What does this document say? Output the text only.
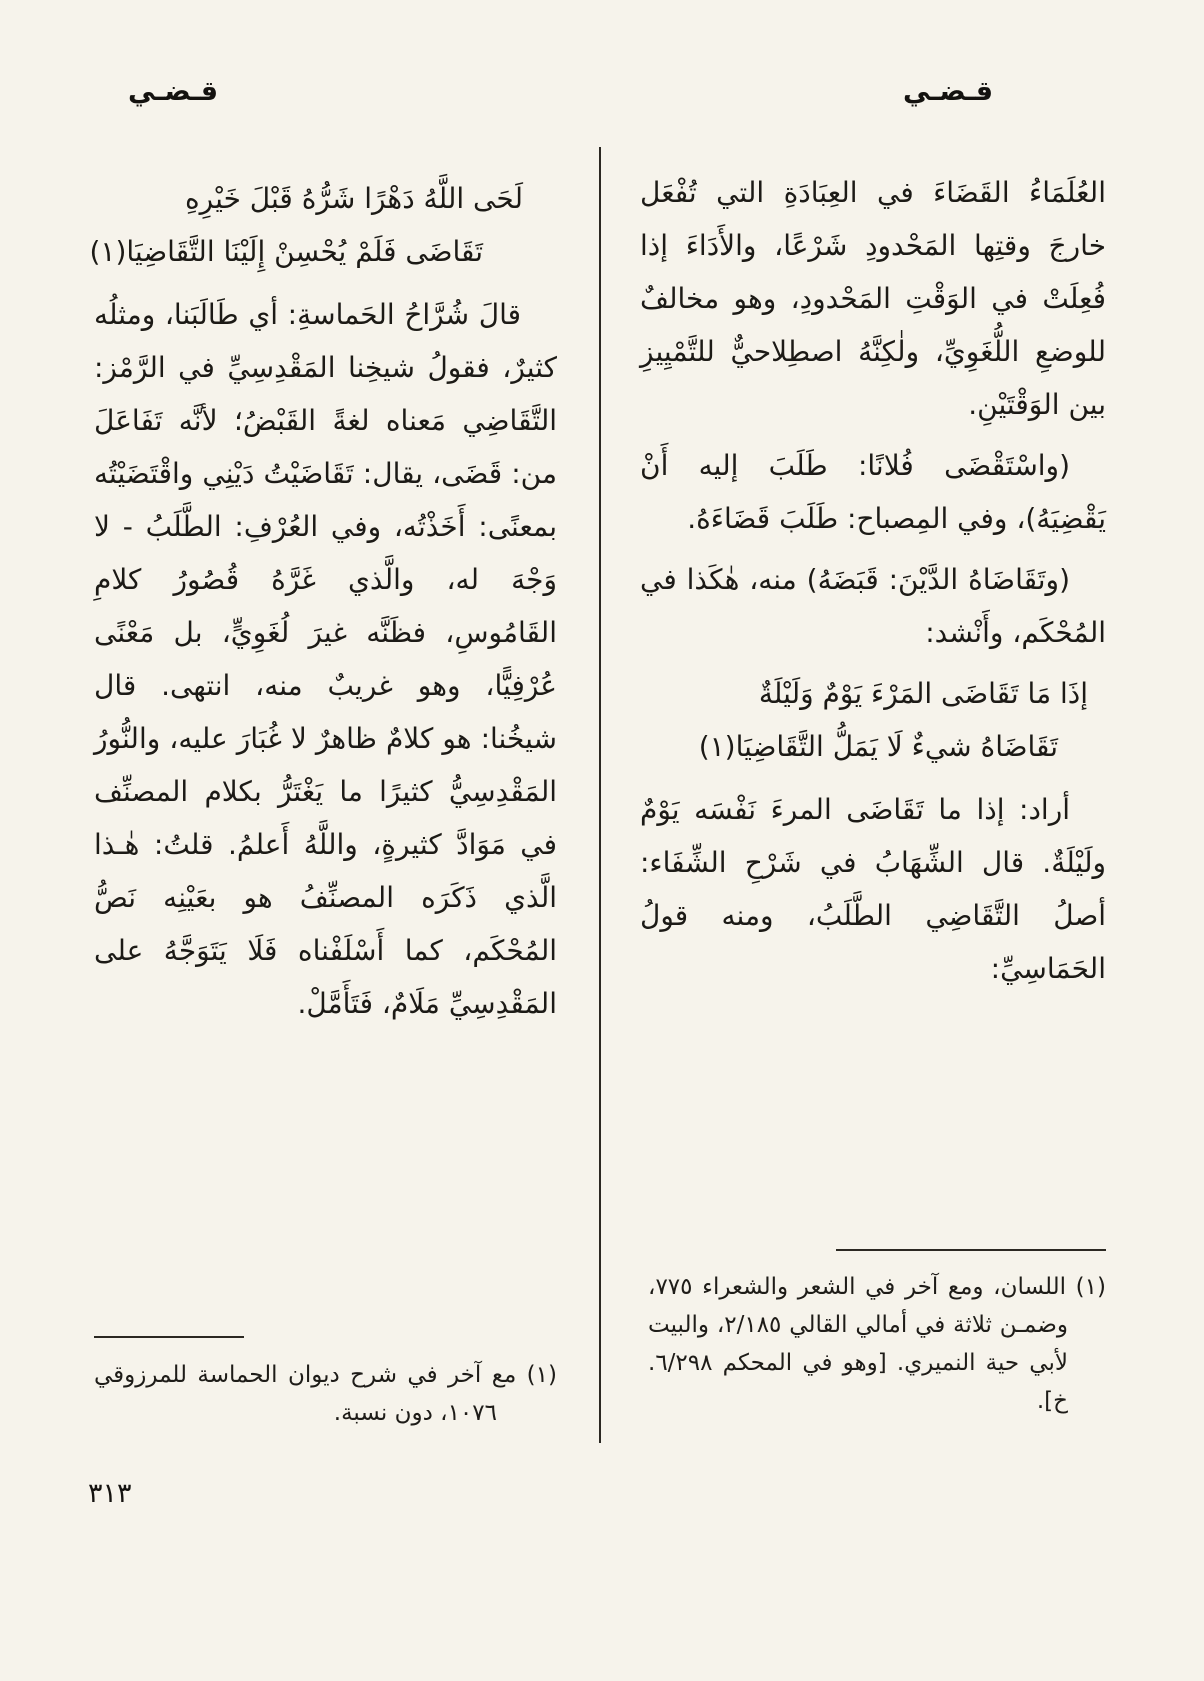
قـضـي	قـضـي

العُلَمَاءُ القَضَاءَ في العِبَادَةِ التي تُفْعَل خارجَ وقتِها المَحْدودِ شَرْعًا، والأَدَاءَ إذا فُعِلَتْ في الوَقْتِ المَحْدودِ، وهو مخالفٌ للوضعِ اللُّغَوِيِّ، ولٰكِنَّهُ اصطِلاحيٌّ للتَّمْيِيزِ بين الوَقْتَيْنِ.

(واسْتَقْضَى فُلانًا: طَلَبَ إليه أَنْ يَقْضِيَهُ)، وفي المِصباح: طَلَبَ قَضَاءَهُ.

(وتَقَاضَاهُ الدَّيْنَ: قَبَضَهُ) منه، هٰكَذا في المُحْكَم، وأَنْشد:

إذَا مَا تَقَاضَى المَرْءَ يَوْمٌ وَلَيْلَةٌ
تَقَاضَاهُ شيءٌ لَا يَمَلُّ التَّقَاضِيَا(١)

أراد: إذا ما تَقَاضَى المرءَ نَفْسَه يَوْمٌ ولَيْلَةٌ. قال الشِّهَابُ في شَرْحِ الشِّفَاء: أصلُ التَّقَاضِي الطَّلَبُ، ومنه قولُ الحَمَاسِيِّ:

لَحَى اللَّهُ دَهْرًا شَرُّهُ قَبْلَ خَيْرِهِ
تَقَاضَى فَلَمْ يُحْسِنْ إِلَيْنَا التَّقَاضِيَا(١)

قالَ شُرَّاحُ الحَماسةِ: أي طَالَبَنا، ومثلُه كثيرٌ، فقولُ شيخِنا المَقْدِسِيِّ في الرَّمْز: التَّقَاضِي مَعناه لغةً القَبْضُ؛ لأنَّه تَفَاعَلَ من: قَضَى، يقال: تَقَاضَيْتُ دَيْنِي واقْتَضَيْتُه بمعنًى: أَخَذْتُه، وفي العُرْفِ: الطَّلَبُ - لا وَجْهَ له، والَّذي غَرَّهُ قُصُورُ كلامِ القَامُوسِ، فظَنَّه غيرَ لُغَوِيٍّ، بل مَعْنًى عُرْفِيًّا، وهو غريبٌ منه، انتهى. قال شيخُنا: هو كلامٌ ظاهرٌ لا غُبَارَ عليه، والنُّورُ المَقْدِسِيُّ كثيرًا ما يَغْتَرُّ بكلام المصنِّف في مَوَادَّ كثيرةٍ، واللَّهُ أَعلمُ. قلتُ: هٰـذا الَّذي ذَكَرَه المصنِّفُ هو بعَيْنِه نَصُّ المُحْكَم، كما أَسْلَفْناه فَلَا يَتَوَجَّهُ على المَقْدِسِيِّ مَلَامٌ، فَتَأَمَّلْ.

(١) اللسان، ومع آخر في الشعر والشعراء ٧٧٥، وضمـن ثلاثة في أمالي القالي ٢/١٨٥، والبيت لأبي حية النميري. [وهو في المحكم ٦/٢٩٨. خ].
(١) مع آخر في شرح ديوان الحماسة للمرزوقي ١٠٧٦، دون نسبة.
٣١٣
